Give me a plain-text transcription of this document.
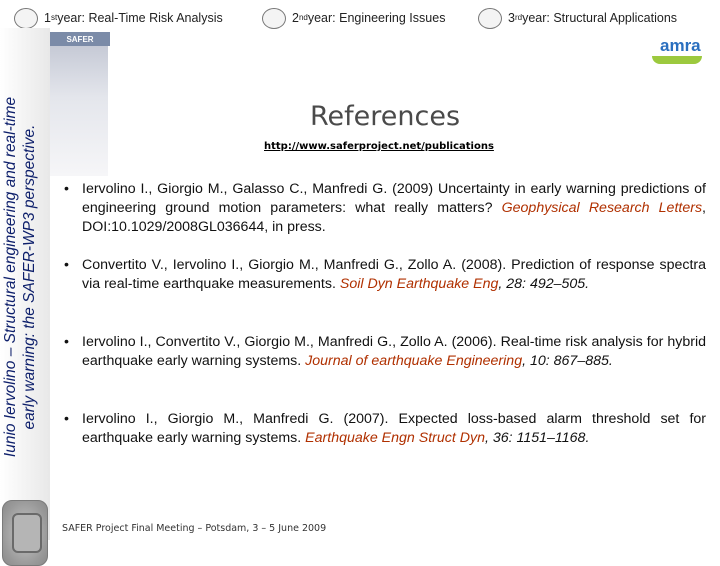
1 st year: Real-Time Risk Analysis	2 nd year: Engineering Issues	3 rd year: Structural Applications
Iunio Iervolino – Structural engineering and real-time early warning: the SAFER-WP3 perspective.
SAFER	amra
References
http://www.saferproject.net/publications
• Iervolino I., Giorgio M., Galasso C., Manfredi G. (2009) Uncertainty in early warning predictions of engineering ground motion parameters: what really matters? Geophysical Research Letters, DOI:10.1029/2008GL036644, in press.
• Convertito V., Iervolino I., Giorgio M., Manfredi G., Zollo A. (2008). Prediction of response spectra via real-time earthquake measurements. Soil Dyn Earthquake Eng, 28: 492–505.
• Iervolino I., Convertito V., Giorgio M., Manfredi G., Zollo A. (2006). Real-time risk analysis for hybrid earthquake early warning systems. Journal of earthquake Engineering, 10: 867–885.
• Iervolino I., Giorgio M., Manfredi G. (2007). Expected loss-based alarm threshold set for earthquake early warning systems. Earthquake Engn Struct Dyn, 36: 1151–1168.
SAFER Project Final Meeting – Potsdam, 3 – 5 June 2009
